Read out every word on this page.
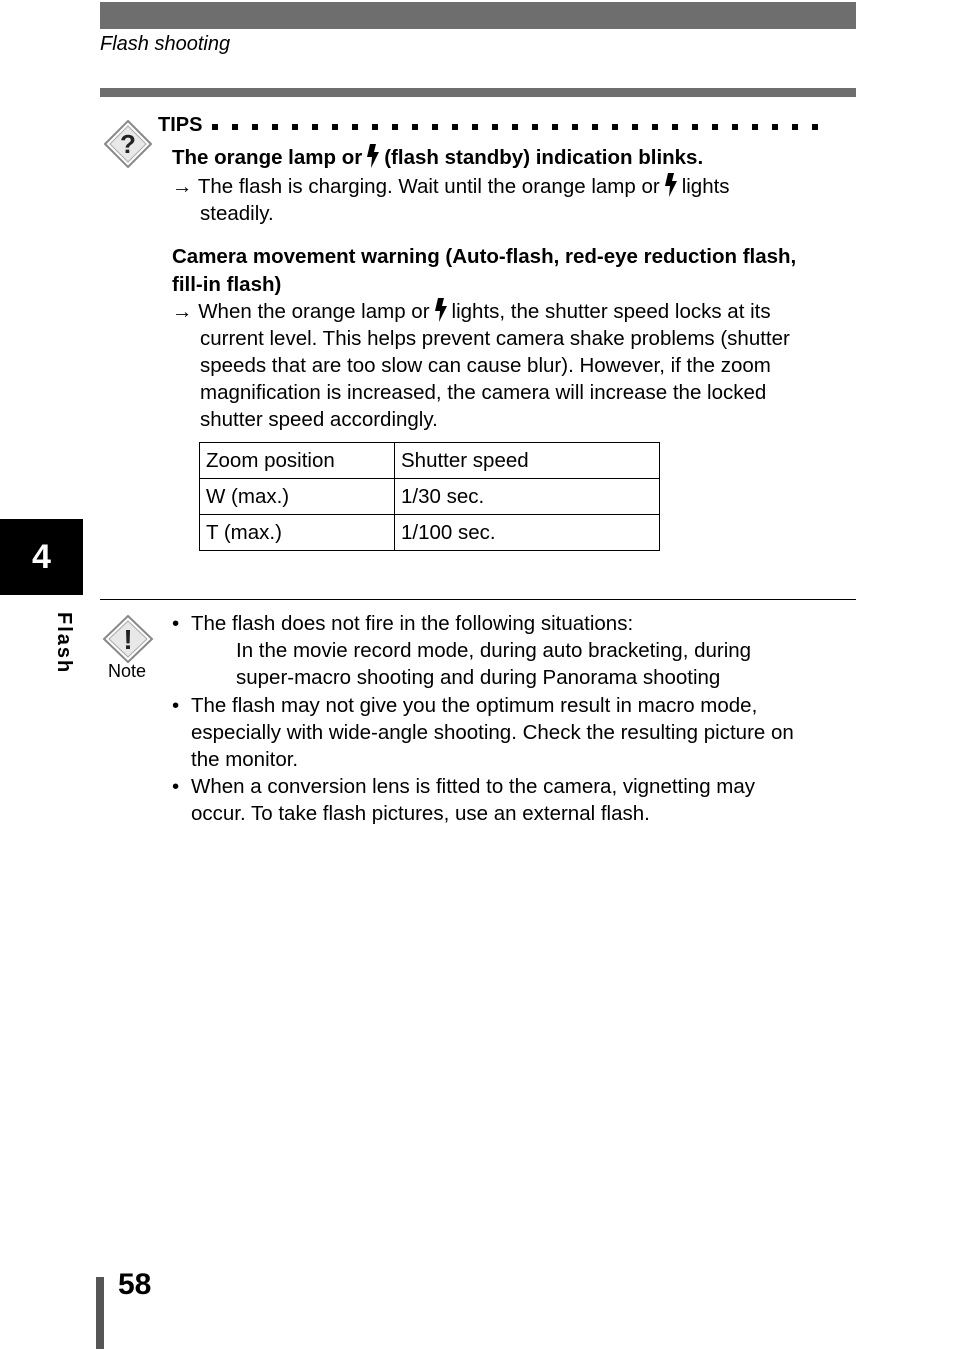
Flash shooting
?
TIPS
The orange lamp or (flash standby) indication blinks.
→ The flash is charging. Wait until the orange lamp or lights
steadily.
Camera movement warning (Auto-flash, red-eye reduction flash,
fill-in flash)
→ When the orange lamp or lights, the shutter speed locks at its
current level. This helps prevent camera shake problems (shutter
speeds that are too slow can cause blur). However, if the zoom
magnification is increased, the camera will increase the locked
shutter speed accordingly.
Zoom position	Shutter speed
W (max.)	1/30 sec.
T (max.)	1/100 sec.
!
Note
• The flash does not fire in the following situations:
In the movie record mode, during auto bracketing, during
super-macro shooting and during Panorama shooting
• The flash may not give you the optimum result in macro mode,
especially with wide-angle shooting. Check the resulting picture on
the monitor.
• When a conversion lens is fitted to the camera, vignetting may
occur. To take flash pictures, use an external flash.
4
Flash
58
